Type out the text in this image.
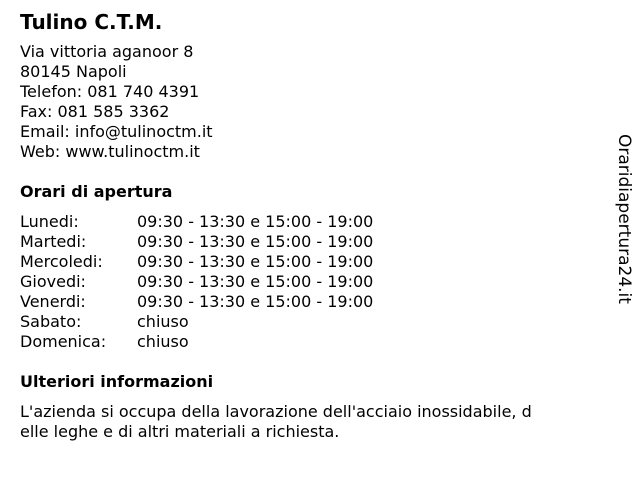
Tulino C.T.M.
Via vittoria aganoor 8
80145 Napoli
Telefon: 081 740 4391
Fax: 081 585 3362
Email: info@tulinoctm.it
Web: www.tulinoctm.it
Orari di apertura
Lunedi:	09:30 - 13:30 e 15:00 - 19:00
Martedi:	09:30 - 13:30 e 15:00 - 19:00
Mercoledi:	09:30 - 13:30 e 15:00 - 19:00
Giovedi:	09:30 - 13:30 e 15:00 - 19:00
Venerdi:	09:30 - 13:30 e 15:00 - 19:00
Sabato:	chiuso
Domenica:	chiuso
Ulteriori informazioni
L'azienda si occupa della lavorazione dell'acciaio inossidabile, delle leghe e di altri materiali a richiesta.
Oraridiapertura24.it
